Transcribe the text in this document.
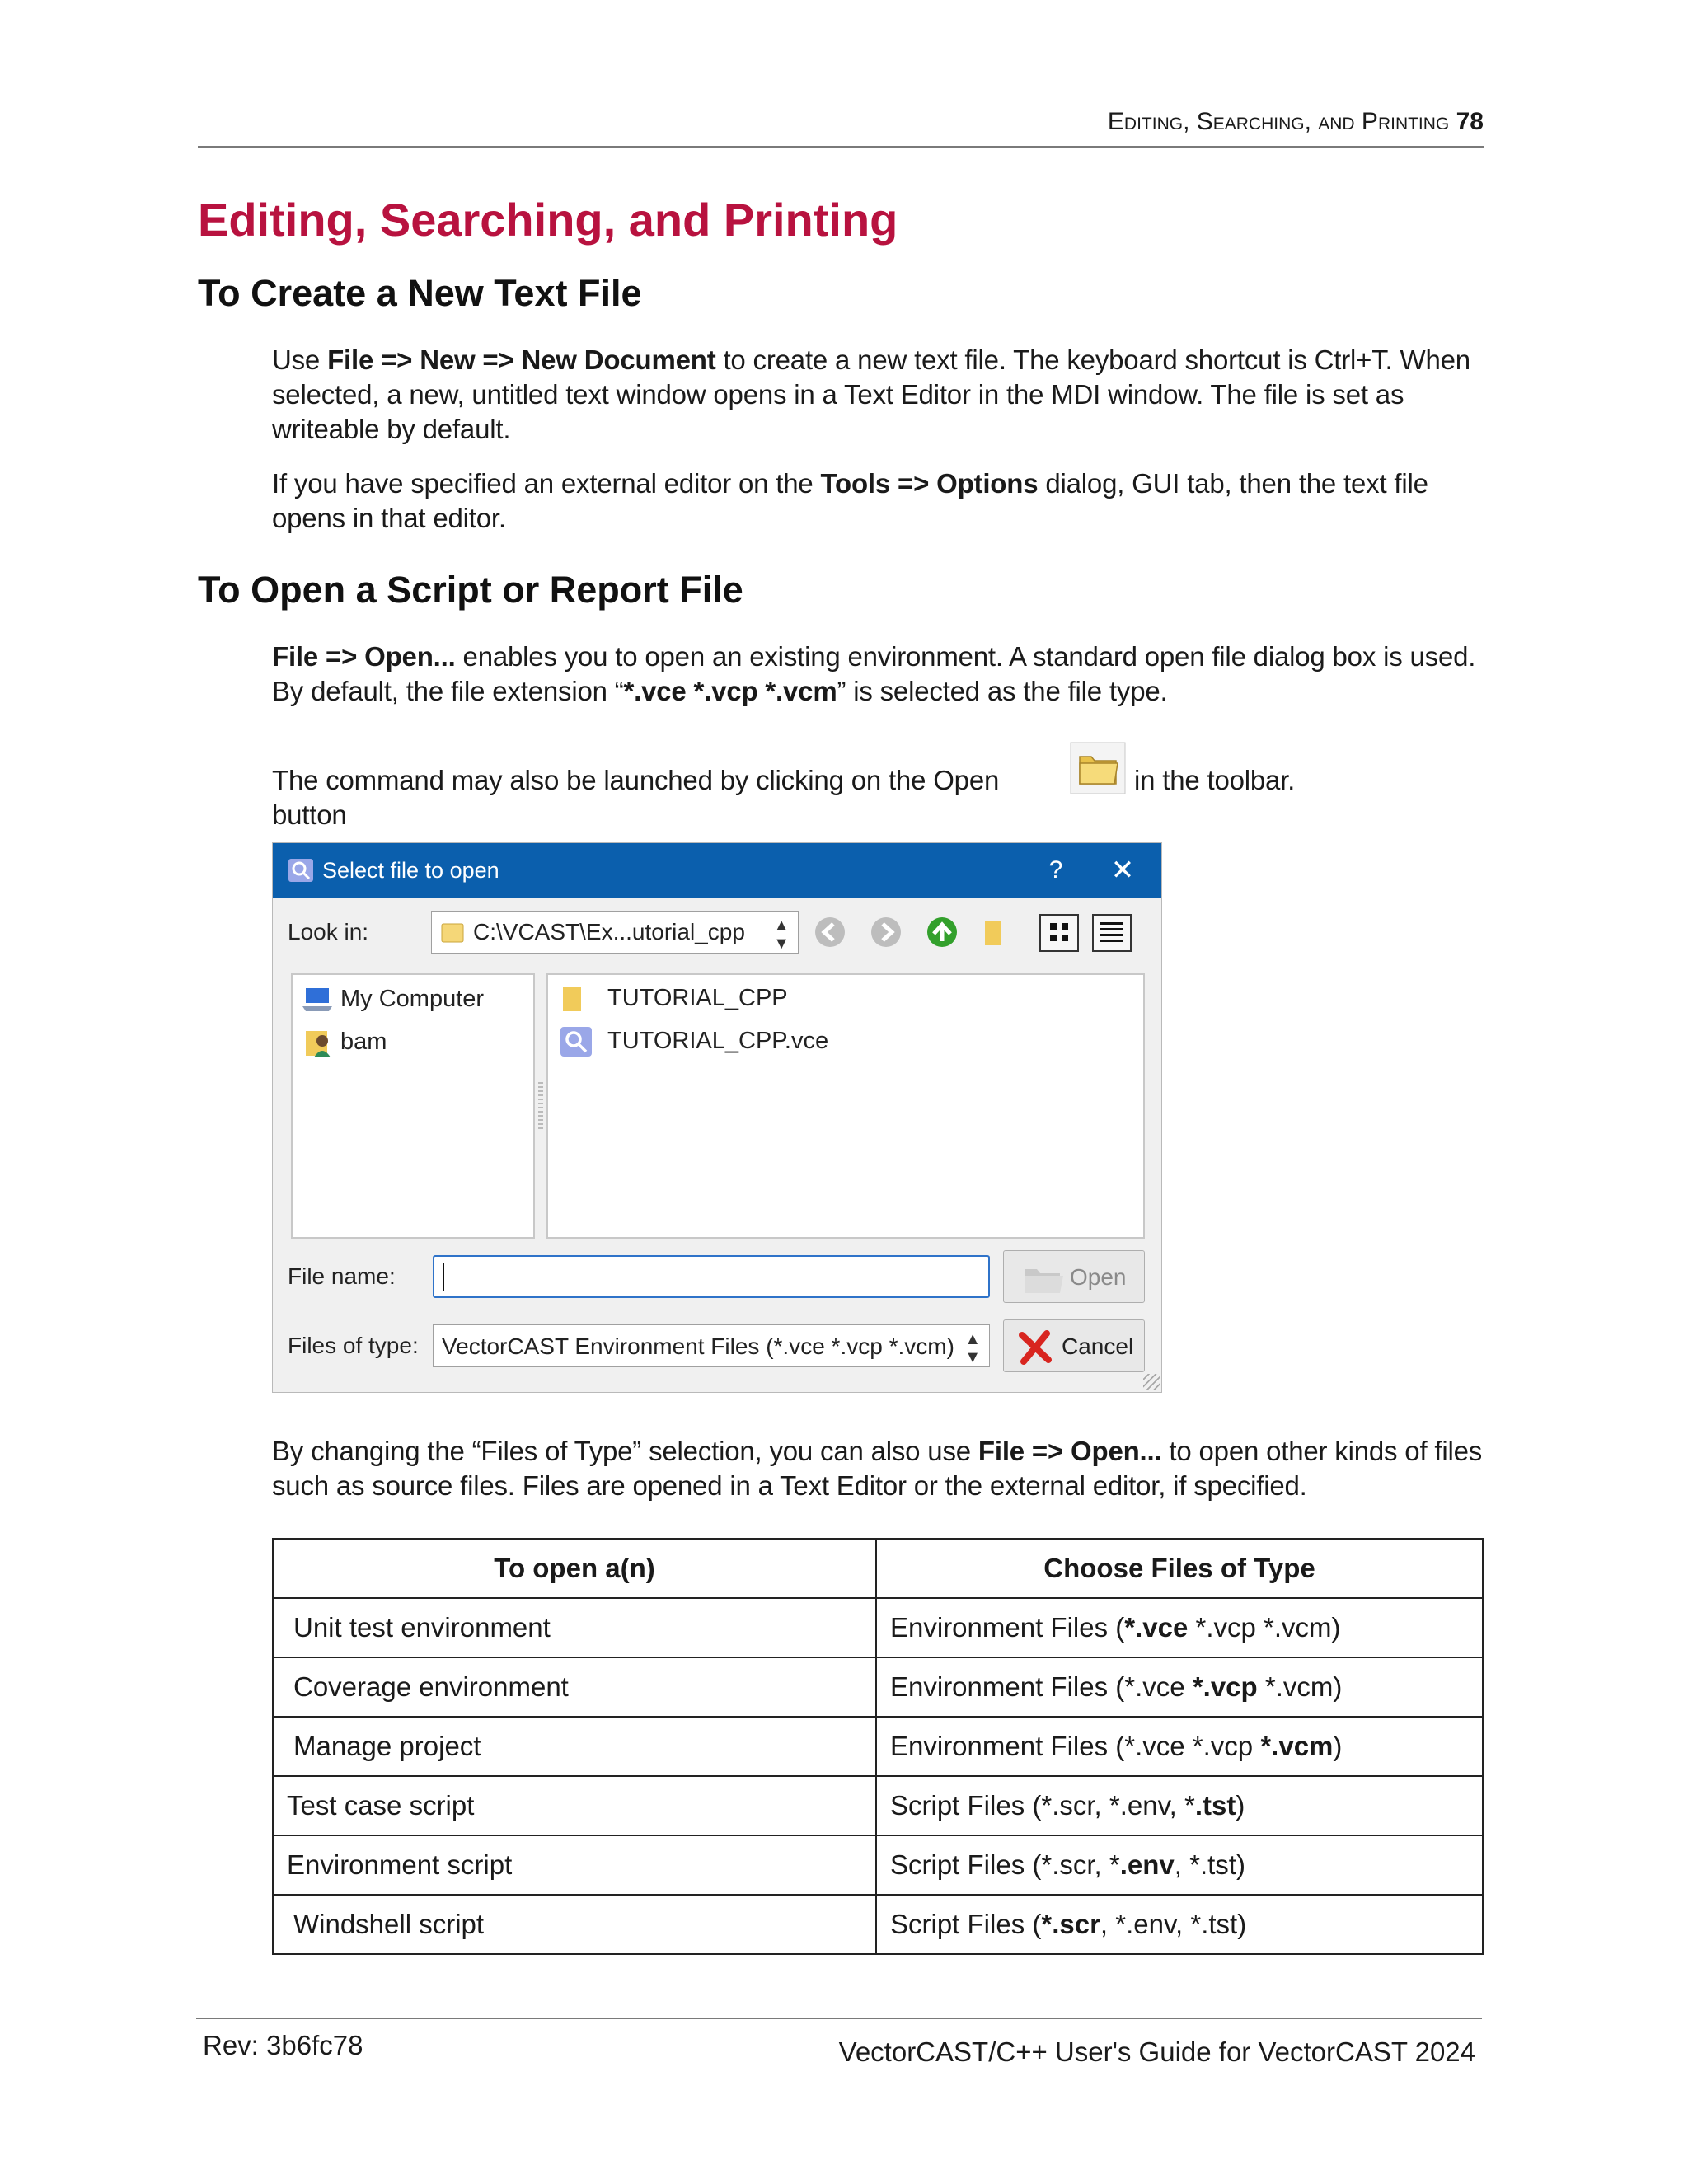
Editing, Searching, and Printing 78
Editing, Searching, and Printing
To Create a New Text File

Use File => New => New Document to create a new text file. The keyboard shortcut is Ctrl+T. When selected, a new, untitled text window opens in a Text Editor in the MDI window. The file is set as writeable by default.

If you have specified an external editor on the Tools => Options dialog, GUI tab, then the text file opens in that editor.

To Open a Script or Report File

File => Open... enables you to open an existing environment. A standard open file dialog box is used. By default, the file extension “*.vce *.vcp *.vcm” is selected as the file type.

The command may also be launched by clicking on the Open button

in the toolbar.

Select file to open	?	✕
Look in:	C:\VCAST\Ex...utorial_cpp ▲
▼
My Computer
bam
TUTORIAL_CPP
TUTORIAL_CPP.vce
File name:	Open
Files of type: VectorCAST Environment Files (*.vce *.vcp *.vcm) ▲
▼	Cancel

By changing the “Files of Type” selection, you can also use File => Open... to open other kinds of files such as source files. Files are opened in a Text Editor or the external editor, if specified.

To open a(n)	Choose Files of Type
Unit test environment	Environment Files (*.vce *.vcp *.vcm)
Coverage environment	Environment Files (*.vce *.vcp *.vcm)
Manage project	Environment Files (*.vce *.vcp *.vcm)
Test case script	Script Files (*.scr, *.env, *.tst)
Environment script	Script Files (*.scr, *.env, *.tst)
Windshell script	Script Files (*.scr, *.env, *.tst)
Rev: 3b6fc78	VectorCAST/C++ User's Guide for VectorCAST 2024
